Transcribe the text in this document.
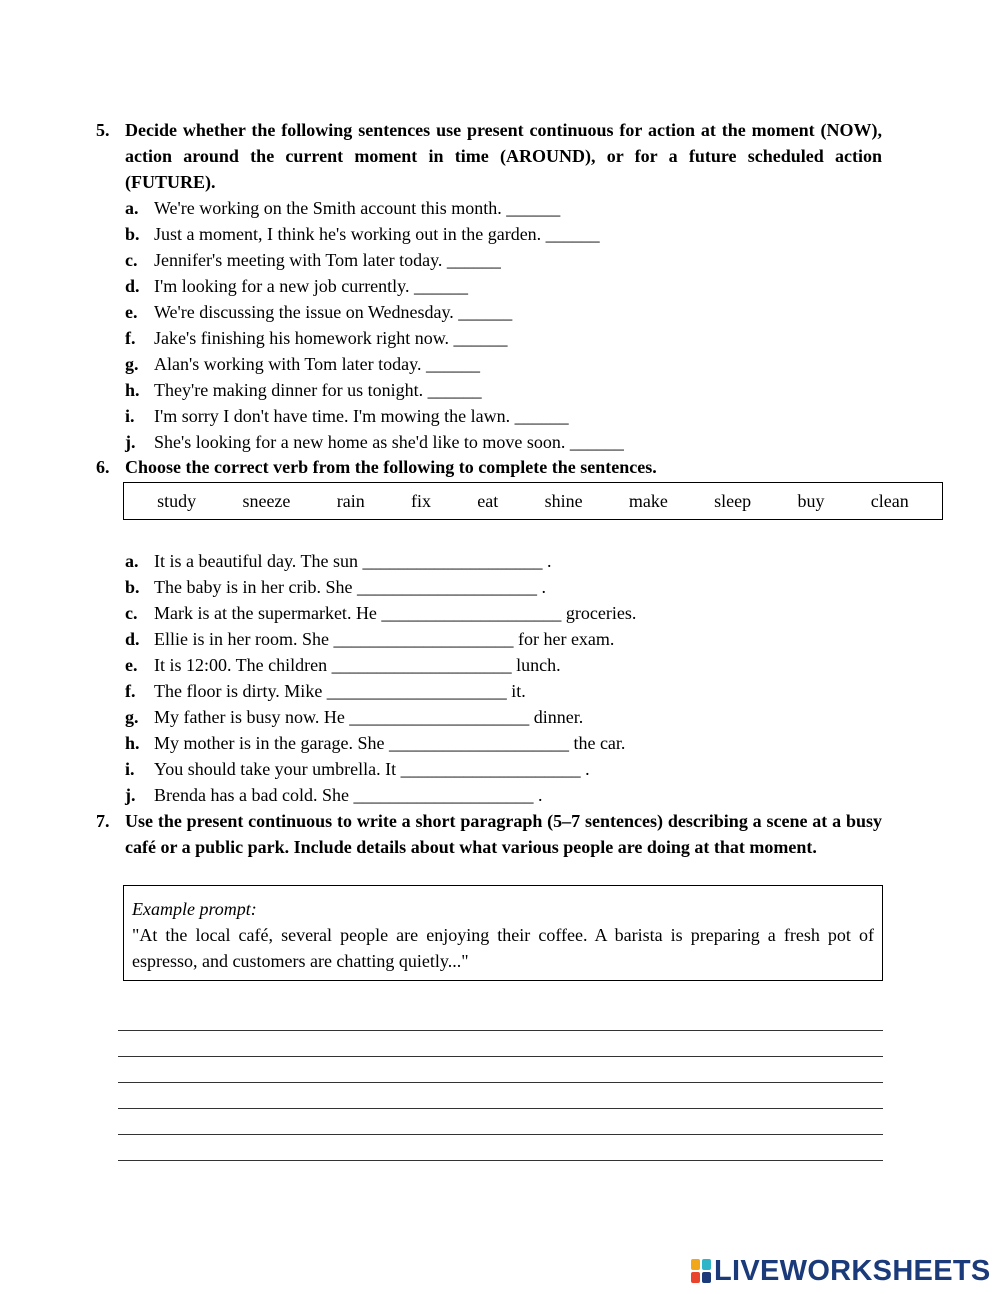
5. Decide whether the following sentences use present continuous for action at the moment (NOW), action around the current moment in time (AROUND), or for a future scheduled action (FUTURE).
a. We're working on the Smith account this month. ______
b. Just a moment, I think he's working out in the garden. ______
c. Jennifer's meeting with Tom later today. ______
d. I'm looking for a new job currently. ______
e. We're discussing the issue on Wednesday. ______
f.	Jake's finishing his homework right now. ______
g. Alan's working with Tom later today. ______
h. They're making dinner for us tonight. ______
i.	I'm sorry I don't have time. I'm mowing the lawn. ______
j.	She's looking for a new home as she'd like to move soon. ______
6. Choose the correct verb from the following to complete the sentences.
study	sneeze	rain	fix	eat	shine	make	sleep	buy	clean
a. It is a beautiful day. The sun ____________________ .
b. The baby is in her crib. She ____________________ .
c. Mark is at the supermarket. He ____________________ groceries.
d. Ellie is in her room. She ____________________ for her exam.
e. It is 12:00. The children ____________________ lunch.
f.	The floor is dirty. Mike ____________________ it.
g. My father is busy now. He ____________________ dinner.
h. My mother is in the garage. She ____________________ the car.
i.	You should take your umbrella. It ____________________ .
j.	Brenda has a bad cold. She ____________________ .
7. Use the present continuous to write a short paragraph (5–7 sentences) describing a scene at a busy café or a public park. Include details about what various people are doing at that moment.
Example prompt:
"At the local café, several people are enjoying their coffee. A barista is preparing a fresh pot of espresso, and customers are chatting quietly..."
LIVEWORKSHEETS
